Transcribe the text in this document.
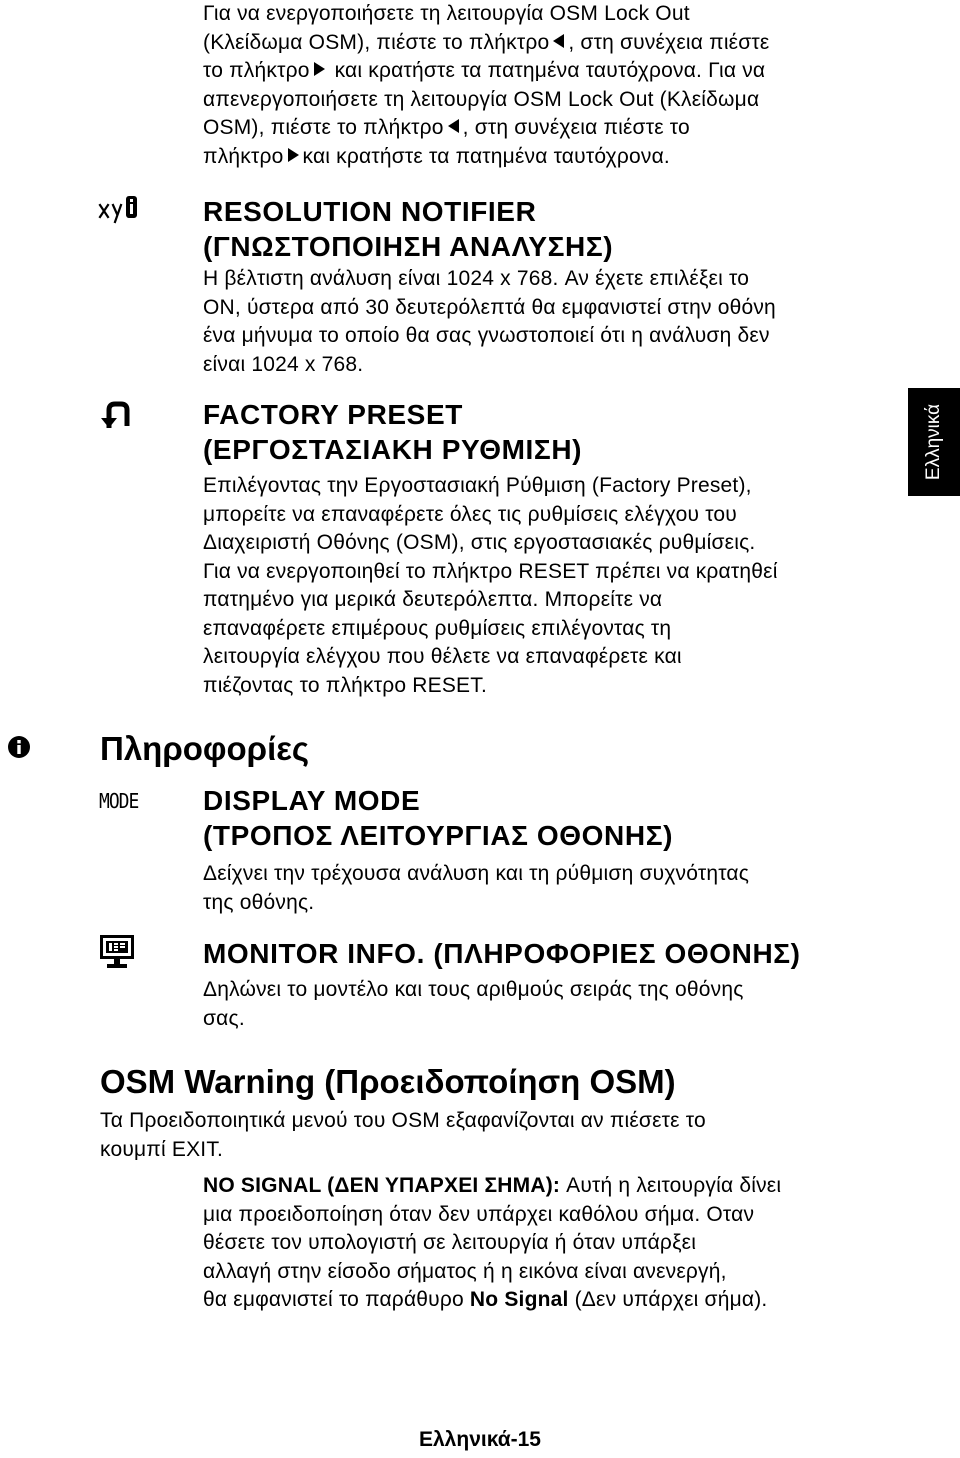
Για να ενεργοποιήσετε τη λειτουργία OSM Lock Out

(Κλείδωμα OSM), πιέστε το πλήκτρο , στη συνέχεια πιέστε

το πλήκτρο και κρατήστε τα πατημένα ταυτόχρονα. Για να

απενεργοποιήσετε τη λειτουργία OSM Lock Out (Κλείδωμα

OSM), πιέστε το πλήκτρο , στη συνέχεια πιέστε το

πλήκτρο και κρατήστε τα πατημένα ταυτόχρονα.

RESOLUTION NOTIFIER
(ΓΝΩΣΤΟΠΟΙΗΣΗ ΑΝΑΛΥΣΗΣ)

Η βέλτιστη ανάλυση είναι 1024 x 768. Αν έχετε επιλέξει το

ON, ύστερα από 30 δευτερόλεπτά θα εμφανιστεί στην οθόνη

ένα μήνυμα το οποίο θα σας γνωστοποιεί ότι η ανάλυση δεν

είναι 1024 x 768.

FACTORY PRESET
(ΕΡΓΟΣΤΑΣΙΑΚΗ ΡΥΘΜΙΣΗ)

Επιλέγοντας την Εργοστασιακή Ρύθμιση (Factory Preset),

μπορείτε να επαναφέρετε όλες τις ρυθμίσεις ελέγχου του

Διαχειριστή Οθόνης (OSM), στις εργοστασιακές ρυθμίσεις.

Για να ενεργοποιηθεί το πλήκτρο RESET πρέπει να κρατηθεί

πατημένο για μερικά δευτερόλεπτα. Μπορείτε να

επαναφέρετε επιμέρους ρυθμίσεις επιλέγοντας τη

λειτουργία ελέγχου που θέλετε να επαναφέρετε και

πιέζοντας το πλήκτρο RESET.

Ελληνικά
Πληροφορίες
MODE DISPLAY MODE
(ΤΡΟΠΟΣ ΛΕΙΤΟΥΡΓΙΑΣ ΟΘΟΝΗΣ)

Δείχνει την τρέχουσα ανάλυση και τη ρύθμιση συχνότητας

της οθόνης.

MONITOR INFO. (ΠΛΗΡΟΦΟΡΙΕΣ ΟΘΟΝΗΣ)

Δηλώνει το μοντέλο και τους αριθμούς σειράς της οθόνης

σας.

OSM Warning (Προειδοποίηση OSM)

Τα Προειδοποιητικά μενού του OSM εξαφανίζονται αν πιέσετε το

κουμπί EXIT.

NO SIGNAL (ΔΕΝ ΥΠΑΡΧΕΙ ΣΗΜΑ): Αυτή η λειτουργία δίνει

μια προειδοποίηση όταν δεν υπάρχει καθόλου σήμα. Οταν

θέσετε τον υπολογιστή σε λειτουργία ή όταν υπάρξει

αλλαγή στην είσοδο σήματος ή η εικόνα είναι ανενεργή,

θα εμφανιστεί το παράθυρο No Signal (Δεν υπάρχει σήμα).

Ελληνικά-15
